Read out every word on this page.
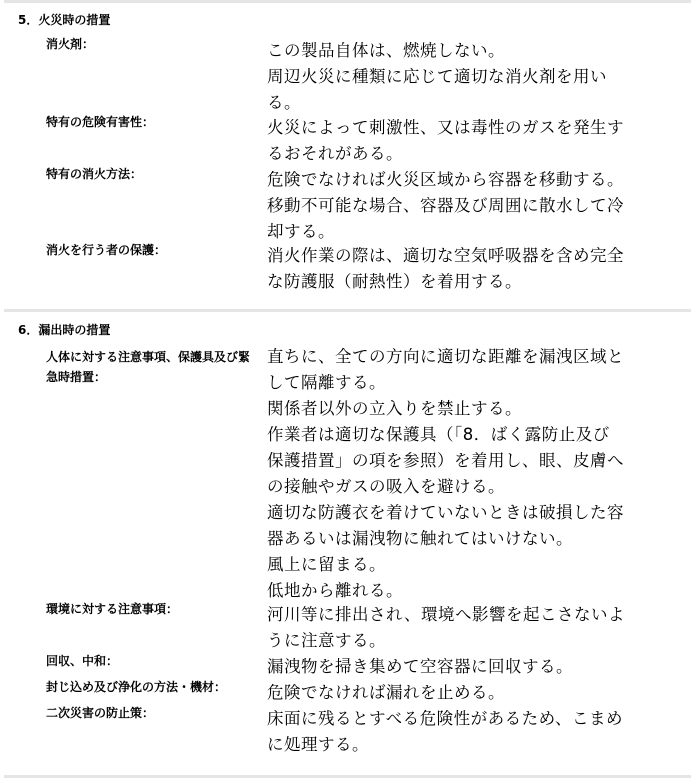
5．火災時の措置
消火剤：	この製品自体は、燃焼しない。

周辺火災に種類に応じて適切な消火剤を用い

る。

特有の危険有害性：	火災によって刺激性、又は毒性のガスを発生す

るおそれがある。

特有の消火方法：	危険でなければ火災区域から容器を移動する。

移動不可能な場合、容器及び周囲に散水して冷

却する。

消火を行う者の保護：	消火作業の際は、適切な空気呼吸器を含め完全

な防護服（耐熱性）を着用する。

6．漏出時の措置
人体に対する注意事項、保護具及び緊急時措置：

直ちに、全ての方向に適切な距離を漏洩区域と

して隔離する。

関係者以外の立入りを禁止する。

作業者は適切な保護具（「8．ばく露防止及び

保護措置」の項を参照）を着用し、眼、皮膚へ

の接触やガスの吸入を避ける。

適切な防護衣を着けていないときは破損した容

器あるいは漏洩物に触れてはいけない。

風上に留まる。

低地から離れる。

環境に対する注意事項：	河川等に排出され、環境へ影響を起こさないよ

うに注意する。

回収、中和：	漏洩物を掃き集めて空容器に回収する。

封じ込め及び浄化の方法・機材：	危険でなければ漏れを止める。

二次災害の防止策：	床面に残るとすべる危険性があるため、こまめ

に処理する。
